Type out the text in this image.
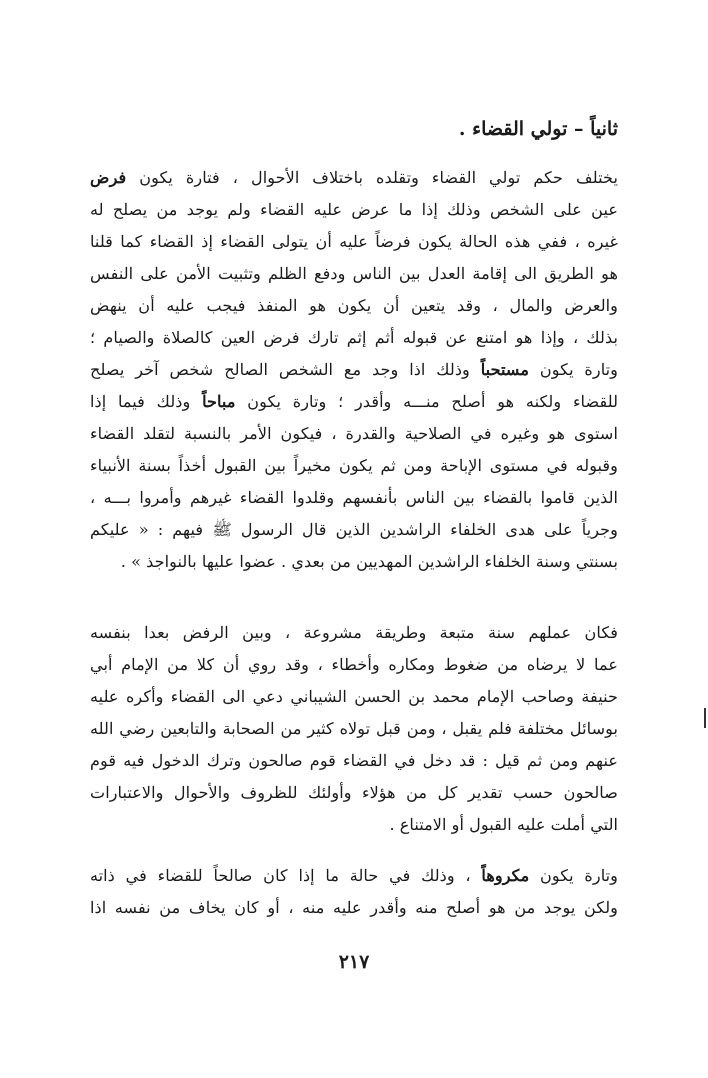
ثانياً – تولي القضاء .
يختلف حكم تولي القضاء وتقلده باختلاف الأحوال ، فتارة يكون فرض
عين على الشخص وذلك إذا ما عرض عليه القضاء ولم يوجد من يصلح له
غيره ، ففي هذه الحالة يكون فرضاً عليه أن يتولى القضاء إذ القضاء كما قلنا
هو الطريق الى إقامة العدل بين الناس ودفع الظلم وتثبيت الأمن على النفس
والعرض والمال ، وقد يتعين أن يكون هو المنفذ فيجب عليه أن ينهض
بذلك ، وإذا هو امتنع عن قبوله أثم إثم تارك فرض العين كالصلاة والصيام ؛
وتارة يكون مستحباً وذلك اذا وجد مع الشخص الصالح شخص آخر يصلح
للقضاء ولكنه هو أصلح منـــه وأقدر ؛ وتارة يكون مباحاً وذلك فيما إذا
استوى هو وغيره في الصلاحية والقدرة ، فيكون الأمر بالنسبة لتقلد القضاء
وقبوله في مستوى الإباحة ومن ثم يكون مخيراً بين القبول أخذاً بسنة الأنبياء
الذين قاموا بالقضاء بين الناس بأنفسهم وقلدوا القضاء غيرهم وأمروا بـــه ،
وجرياً على هدى الخلفاء الراشدين الذين قال الرسول ﷺ فيهم : « عليكم
بسنتي وسنة الخلفاء الراشدين المهديين من بعدي . عضوا عليها بالنواجذ » .
فكان عملهم سنة متبعة وطريقة مشروعة ، وبين الرفض بعدا بنفسه
عما لا يرضاه من ضغوط ومكاره وأخطاء ، وقد روي أن كلا من الإمام أبي
حنيفة وصاحب الإمام محمد بن الحسن الشيباني دعي الى القضاء وأكره عليه
بوسائل مختلفة فلم يقبل ، ومن قبل تولاه كثير من الصحابة والتابعين رضي الله
عنهم ومن ثم قيل : قد دخل في القضاء قوم صالحون وترك الدخول فيه قوم
صالحون حسب تقدير كل من هؤلاء وأولئك للظروف والأحوال والاعتبارات
التي أملت عليه القبول أو الامتناع .
وتارة يكون مكروهاً ، وذلك في حالة ما إذا كان صالحاً للقضاء في ذاته
ولكن يوجد من هو أصلح منه وأقدر عليه منه ، أو كان يخاف من نفسه اذا
٢١٧
